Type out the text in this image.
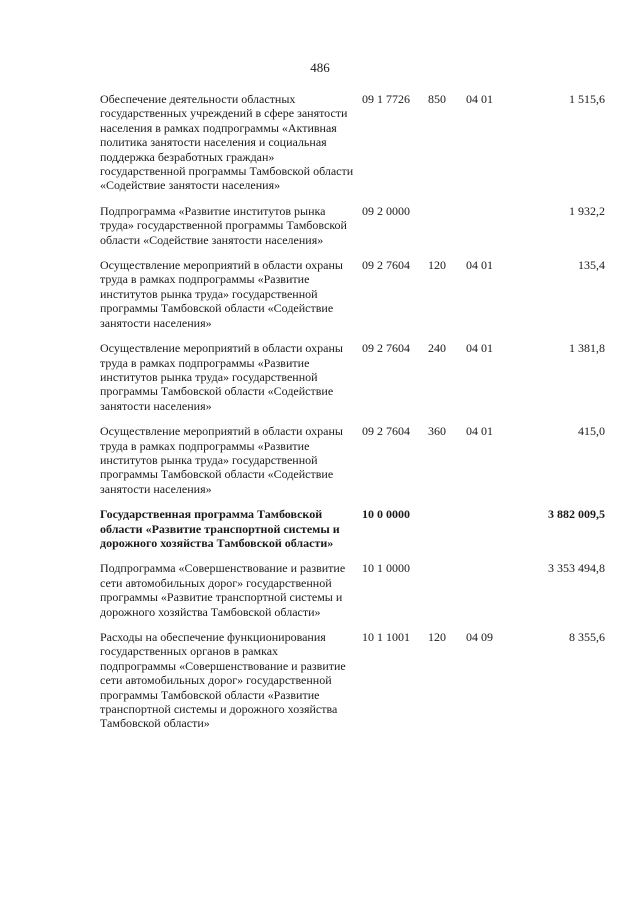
486
Обеспечение деятельности областных государственных учреждений в сфере занятости населения в рамках подпрограммы «Активная политика занятости населения и социальная поддержка безработных граждан» государственной программы Тамбовской области «Содействие занятости населения»	09 1 7726	850	04 01	1 515,6
Подпрограмма «Развитие институтов рынка труда» государственной программы Тамбовской области «Содействие занятости населения»	09 2 0000			1 932,2
Осуществление мероприятий в области охраны труда в рамках подпрограммы «Развитие институтов рынка труда» государственной программы Тамбовской области «Содействие занятости населения»	09 2 7604	120	04 01	135,4
Осуществление мероприятий в области охраны труда в рамках подпрограммы «Развитие институтов рынка труда» государственной программы Тамбовской области «Содействие занятости населения»	09 2 7604	240	04 01	1 381,8
Осуществление мероприятий в области охраны труда в рамках подпрограммы «Развитие институтов рынка труда» государственной программы Тамбовской области «Содействие занятости населения»	09 2 7604	360	04 01	415,0
Государственная программа Тамбовской области «Развитие транспортной системы и дорожного хозяйства Тамбовской области»	10 0 0000			3 882 009,5
Подпрограмма «Совершенствование и развитие сети автомобильных дорог» государственной программы «Развитие транспортной системы и дорожного хозяйства Тамбовской области»	10 1 0000			3 353 494,8
Расходы на обеспечение функционирования государственных органов в рамках подпрограммы «Совершенствование и развитие сети автомобильных дорог» государственной программы Тамбовской области «Развитие транспортной системы и дорожного хозяйства Тамбовской области»	10 1 1001	120	04 09	8 355,6
